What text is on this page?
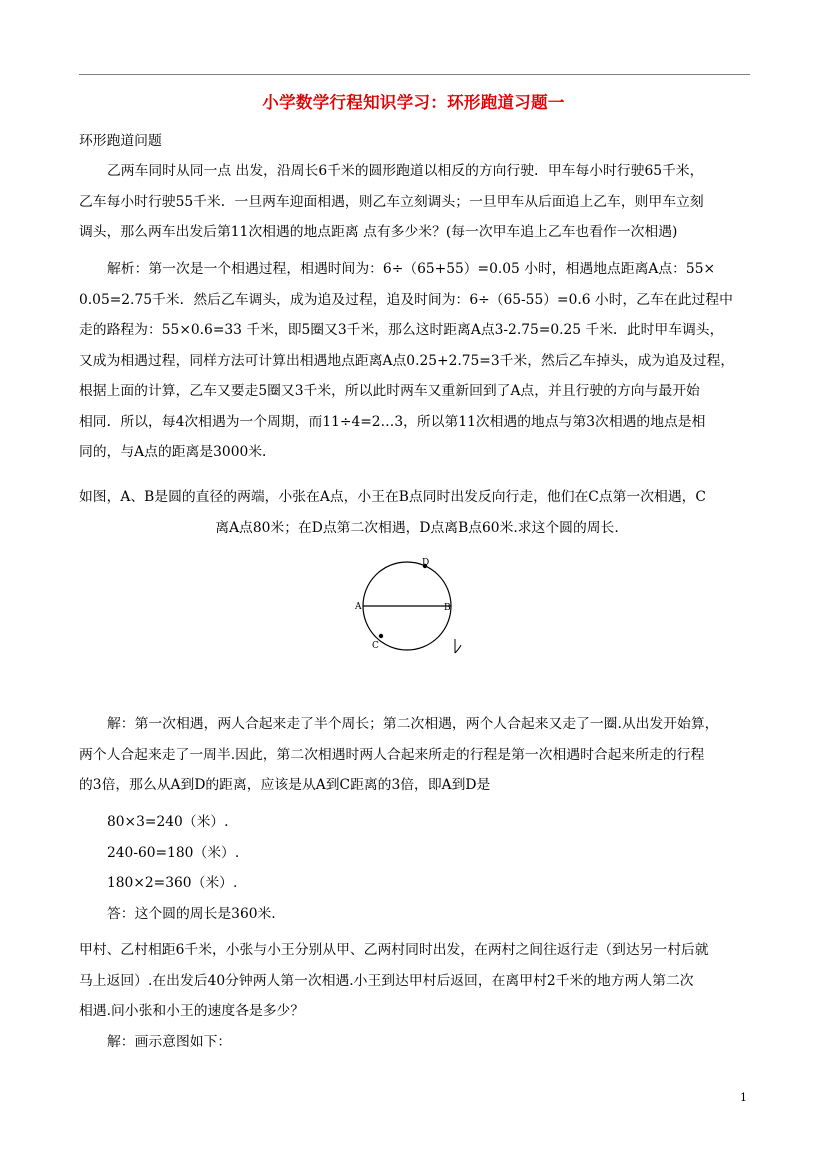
小学数学行程知识学习：环形跑道习题一

环形跑道问题

乙两车同时从同一点 出发，沿周长6千米的圆形跑道以相反的方向行驶．甲车每小时行驶65千米，

乙车每小时行驶55千米．一旦两车迎面相遇，则乙车立刻调头；一旦甲车从后面追上乙车，则甲车立刻

调头，那么两车出发后第11次相遇的地点距离 点有多少米？(每一次甲车追上乙车也看作一次相遇)

解析：第一次是一个相遇过程，相遇时间为：6÷（65+55）=0.05 小时，相遇地点距离A点：55×

0.05=2.75千米．然后乙车调头，成为追及过程，追及时间为：6÷（65-55）=0.6 小时，乙车在此过程中

走的路程为：55×0.6=33 千米，即5圈又3千米，那么这时距离A点3-2.75=0.25 千米．此时甲车调头，

又成为相遇过程，同样方法可计算出相遇地点距离A点0.25+2.75=3千米，然后乙车掉头，成为追及过程，

根据上面的计算，乙车又要走5圈又3千米，所以此时两车又重新回到了A点，并且行驶的方向与最开始

相同．所以，每4次相遇为一个周期，而11÷4=2…3，所以第11次相遇的地点与第3次相遇的地点是相

同的，与A点的距离是3000米．

如图，A、B是圆的直径的两端，小张在A点，小王在B点同时出发反向行走，他们在C点第一次相遇，C

离A点80米；在D点第二次相遇，D点离B点60米.求这个圆的周长.

A	B
C
D

解：第一次相遇，两人合起来走了半个周长；第二次相遇，两个人合起来又走了一圈.从出发开始算，

两个人合起来走了一周半.因此，第二次相遇时两人合起来所走的行程是第一次相遇时合起来所走的行程

的3倍，那么从A到D的距离，应该是从A到C距离的3倍，即A到D是

80×3=240（米）.

240-60=180（米）.

180×2=360（米）.

答：这个圆的周长是360米.

甲村、乙村相距6千米，小张与小王分别从甲、乙两村同时出发，在两村之间往返行走（到达另一村后就

马上返回）.在出发后40分钟两人第一次相遇.小王到达甲村后返回，在离甲村2千米的地方两人第二次

相遇.问小张和小王的速度各是多少？

解：画示意图如下：

1
